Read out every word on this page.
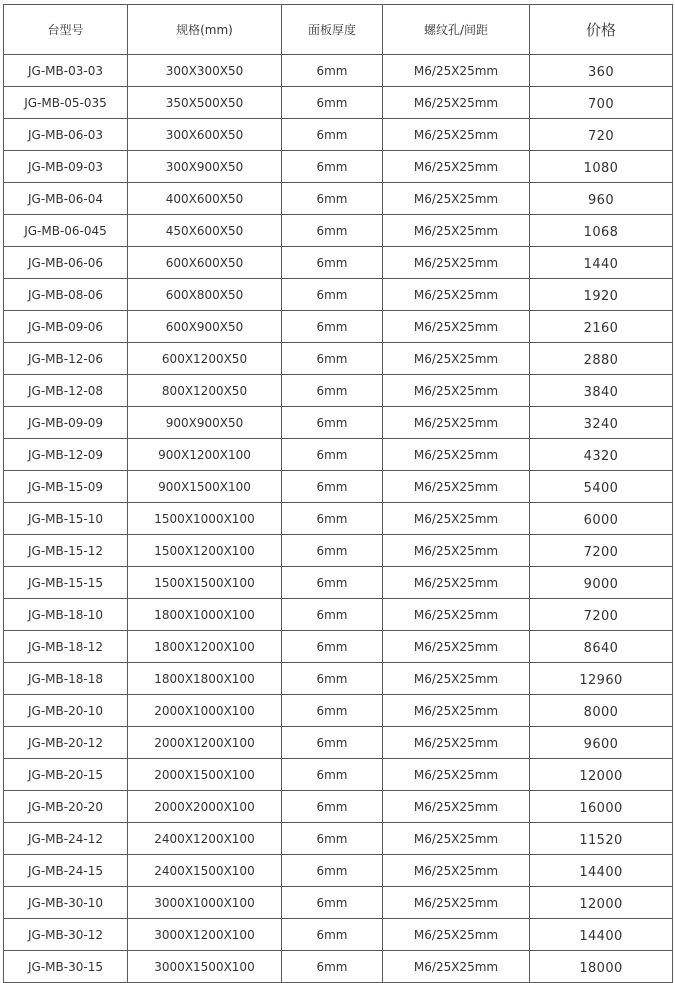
台型号	规格(mm)	面板厚度	螺纹孔/间距	价格
JG-MB-03-03	300X300X50	6mm	M6/25X25mm	360
JG-MB-05-035	350X500X50	6mm	M6/25X25mm	700
JG-MB-06-03	300X600X50	6mm	M6/25X25mm	720
JG-MB-09-03	300X900X50	6mm	M6/25X25mm	1080
JG-MB-06-04	400X600X50	6mm	M6/25X25mm	960
JG-MB-06-045	450X600X50	6mm	M6/25X25mm	1068
JG-MB-06-06	600X600X50	6mm	M6/25X25mm	1440
JG-MB-08-06	600X800X50	6mm	M6/25X25mm	1920
JG-MB-09-06	600X900X50	6mm	M6/25X25mm	2160
JG-MB-12-06	600X1200X50	6mm	M6/25X25mm	2880
JG-MB-12-08	800X1200X50	6mm	M6/25X25mm	3840
JG-MB-09-09	900X900X50	6mm	M6/25X25mm	3240
JG-MB-12-09	900X1200X100	6mm	M6/25X25mm	4320
JG-MB-15-09	900X1500X100	6mm	M6/25X25mm	5400
JG-MB-15-10	1500X1000X100	6mm	M6/25X25mm	6000
JG-MB-15-12	1500X1200X100	6mm	M6/25X25mm	7200
JG-MB-15-15	1500X1500X100	6mm	M6/25X25mm	9000
JG-MB-18-10	1800X1000X100	6mm	M6/25X25mm	7200
JG-MB-18-12	1800X1200X100	6mm	M6/25X25mm	8640
JG-MB-18-18	1800X1800X100	6mm	M6/25X25mm	12960
JG-MB-20-10	2000X1000X100	6mm	M6/25X25mm	8000
JG-MB-20-12	2000X1200X100	6mm	M6/25X25mm	9600
JG-MB-20-15	2000X1500X100	6mm	M6/25X25mm	12000
JG-MB-20-20	2000X2000X100	6mm	M6/25X25mm	16000
JG-MB-24-12	2400X1200X100	6mm	M6/25X25mm	11520
JG-MB-24-15	2400X1500X100	6mm	M6/25X25mm	14400
JG-MB-30-10	3000X1000X100	6mm	M6/25X25mm	12000
JG-MB-30-12	3000X1200X100	6mm	M6/25X25mm	14400
JG-MB-30-15	3000X1500X100	6mm	M6/25X25mm	18000
